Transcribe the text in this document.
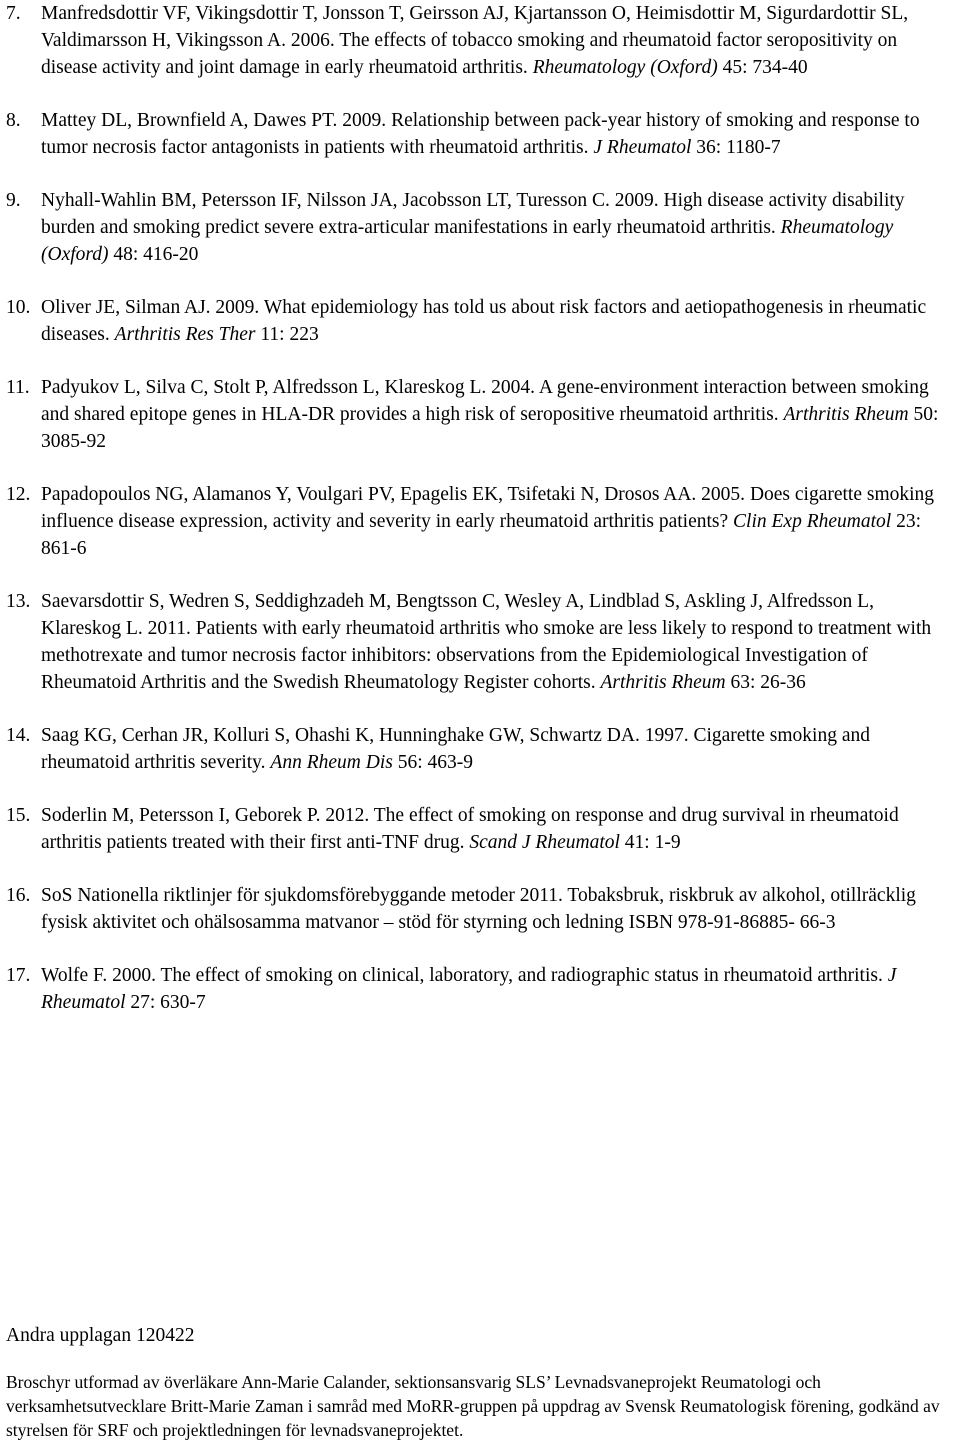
7. Manfredsdottir VF, Vikingsdottir T, Jonsson T, Geirsson AJ, Kjartansson O, Heimisdottir M, Sigurdardottir SL, Valdimarsson H, Vikingsson A. 2006. The effects of tobacco smoking and rheumatoid factor seropositivity on disease activity and joint damage in early rheumatoid arthritis. Rheumatology (Oxford) 45: 734-40
8. Mattey DL, Brownfield A, Dawes PT. 2009. Relationship between pack-year history of smoking and response to tumor necrosis factor antagonists in patients with rheumatoid arthritis. J Rheumatol 36: 1180-7
9. Nyhall-Wahlin BM, Petersson IF, Nilsson JA, Jacobsson LT, Turesson C. 2009. High disease activity disability burden and smoking predict severe extra-articular manifestations in early rheumatoid arthritis. Rheumatology (Oxford) 48: 416-20
10. Oliver JE, Silman AJ. 2009. What epidemiology has told us about risk factors and aetiopathogenesis in rheumatic diseases. Arthritis Res Ther 11: 223
11. Padyukov L, Silva C, Stolt P, Alfredsson L, Klareskog L. 2004. A gene-environment interaction between smoking and shared epitope genes in HLA-DR provides a high risk of seropositive rheumatoid arthritis. Arthritis Rheum 50: 3085-92
12. Papadopoulos NG, Alamanos Y, Voulgari PV, Epagelis EK, Tsifetaki N, Drosos AA. 2005. Does cigarette smoking influence disease expression, activity and severity in early rheumatoid arthritis patients? Clin Exp Rheumatol 23: 861-6
13. Saevarsdottir S, Wedren S, Seddighzadeh M, Bengtsson C, Wesley A, Lindblad S, Askling J, Alfredsson L, Klareskog L. 2011. Patients with early rheumatoid arthritis who smoke are less likely to respond to treatment with methotrexate and tumor necrosis factor inhibitors: observations from the Epidemiological Investigation of Rheumatoid Arthritis and the Swedish Rheumatology Register cohorts. Arthritis Rheum 63: 26-36
14. Saag KG, Cerhan JR, Kolluri S, Ohashi K, Hunninghake GW, Schwartz DA. 1997. Cigarette smoking and rheumatoid arthritis severity. Ann Rheum Dis 56: 463-9
15. Soderlin M, Petersson I, Geborek P. 2012. The effect of smoking on response and drug survival in rheumatoid arthritis patients treated with their first anti-TNF drug. Scand J Rheumatol 41: 1-9
16. SoS Nationella riktlinjer för sjukdomsförebyggande metoder 2011. Tobaksbruk, riskbruk av alkohol, otillräcklig fysisk aktivitet och ohälsosamma matvanor – stöd för styrning och ledning ISBN 978-91-86885- 66-3
17. Wolfe F. 2000. The effect of smoking on clinical, laboratory, and radiographic status in rheumatoid arthritis. J Rheumatol 27: 630-7
Andra upplagan 120422
Broschyr utformad av överläkare Ann-Marie Calander, sektionsansvarig SLS’ Levnadsvaneprojekt Reumatologi och verksamhetsutvecklare Britt-Marie Zaman i samråd med MoRR-gruppen på uppdrag av Svensk Reumatologisk förening, godkänd av styrelsen för SRF och projektledningen för levnadsvaneprojektet.
